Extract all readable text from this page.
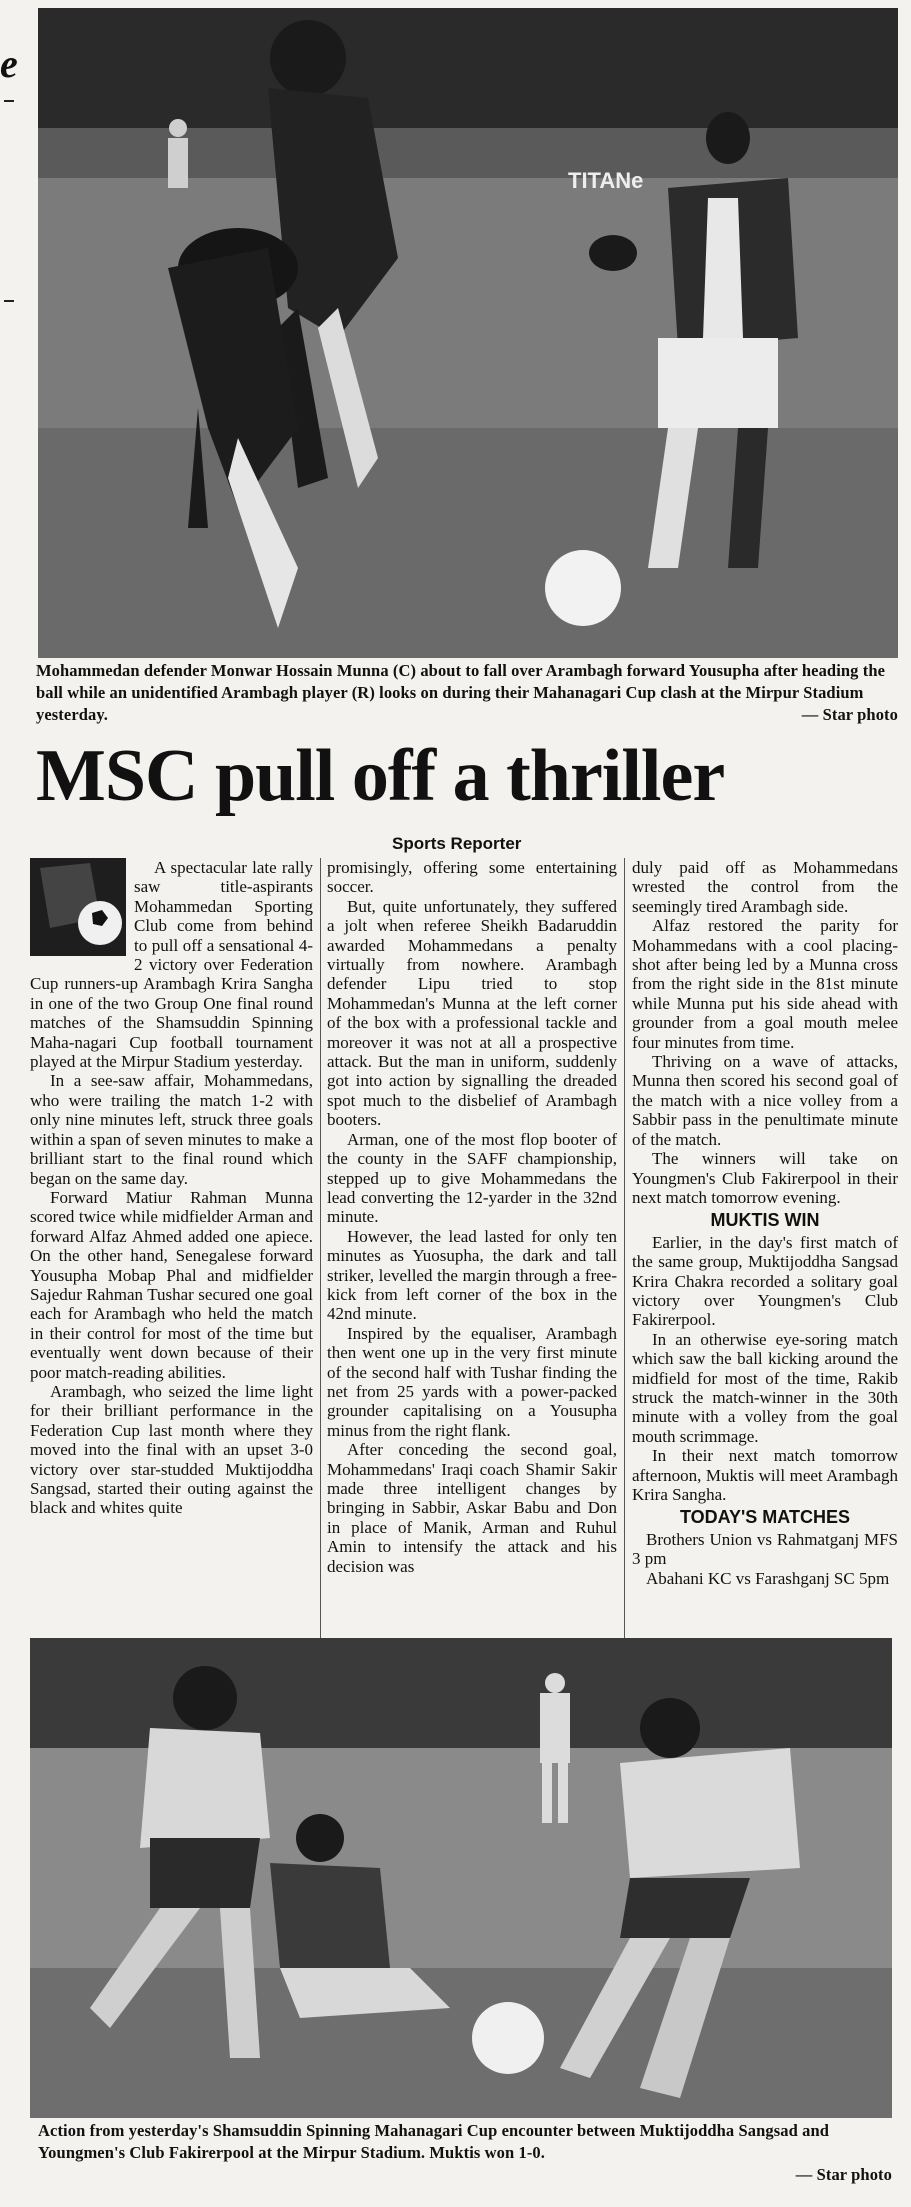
e
TITANe
Mohammedan defender Monwar Hossain Munna (C) about to fall over Arambagh forward Yousupha after heading the ball while an unidentified Arambagh player (R) looks on during their Mahanagari Cup clash at the Mirpur Stadium yesterday.	— Star photo
MSC pull off a thriller
Sports Reporter

A spectacular late rally saw title-aspirants Mohammedan Sporting Club come from behind to pull off a sensational 4-2 victory over Federation Cup runners-up Arambagh Krira Sangha in one of the two Group One final round matches of the Shamsuddin Spinning Maha-nagari Cup football tournament played at the Mirpur Stadium yesterday.

In a see-saw affair, Mohammedans, who were trailing the match 1-2 with only nine minutes left, struck three goals within a span of seven minutes to make a brilliant start to the final round which began on the same day.

Forward Matiur Rahman Munna scored twice while midfielder Arman and forward Alfaz Ahmed added one apiece. On the other hand, Senegalese forward Yousupha Mobap Phal and midfielder Sajedur Rahman Tushar secured one goal each for Arambagh who held the match in their control for most of the time but eventually went down because of their poor match-reading abilities.

Arambagh, who seized the lime light for their brilliant performance in the Federation Cup last month where they moved into the final with an upset 3-0 victory over star-studded Muktijoddha Sangsad, started their outing against the black and whites quite

promisingly, offering some entertaining soccer.

But, quite unfortunately, they suffered a jolt when referee Sheikh Badaruddin awarded Mohammedans a penalty virtually from nowhere. Arambagh defender Lipu tried to stop Mohammedan's Munna at the left corner of the box with a professional tackle and moreover it was not at all a prospective attack. But the man in uniform, suddenly got into action by signalling the dreaded spot much to the disbelief of Arambagh booters.

Arman, one of the most flop booter of the county in the SAFF championship, stepped up to give Mohammedans the lead converting the 12-yarder in the 32nd minute.

However, the lead lasted for only ten minutes as Yuosupha, the dark and tall striker, levelled the margin through a free-kick from left corner of the box in the 42nd minute.

Inspired by the equaliser, Arambagh then went one up in the very first minute of the second half with Tushar finding the net from 25 yards with a power-packed grounder capitalising on a Yousupha minus from the right flank.

After conceding the second goal, Mohammedans' Iraqi coach Shamir Sakir made three intelligent changes by bringing in Sabbir, Askar Babu and Don in place of Manik, Arman and Ruhul Amin to intensify the attack and his decision was

duly paid off as Mohammedans wrested the control from the seemingly tired Arambagh side.

Alfaz restored the parity for Mohammedans with a cool placing-shot after being led by a Munna cross from the right side in the 81st minute while Munna put his side ahead with grounder from a goal mouth melee four minutes from time.

Thriving on a wave of attacks, Munna then scored his second goal of the match with a nice volley from a Sabbir pass in the penultimate minute of the match.

The winners will take on Youngmen's Club Fakirerpool in their next match tomorrow evening.

MUKTIS WIN

Earlier, in the day's first match of the same group, Muktijoddha Sangsad Krira Chakra recorded a solitary goal victory over Youngmen's Club Fakirerpool.

In an otherwise eye-soring match which saw the ball kicking around the midfield for most of the time, Rakib struck the match-winner in the 30th minute with a volley from the goal mouth scrimmage.

In their next match tomorrow afternoon, Muktis will meet Arambagh Krira Sangha.

TODAY'S MATCHES

Brothers Union vs Rahmatganj MFS 3 pm

Abahani KC vs Farashganj SC 5pm

Action from yesterday's Shamsuddin Spinning Mahanagari Cup encounter between Muktijoddha Sangsad and Youngmen's Club Fakirerpool at the Mirpur Stadium. Muktis won 1-0.
— Star photo
